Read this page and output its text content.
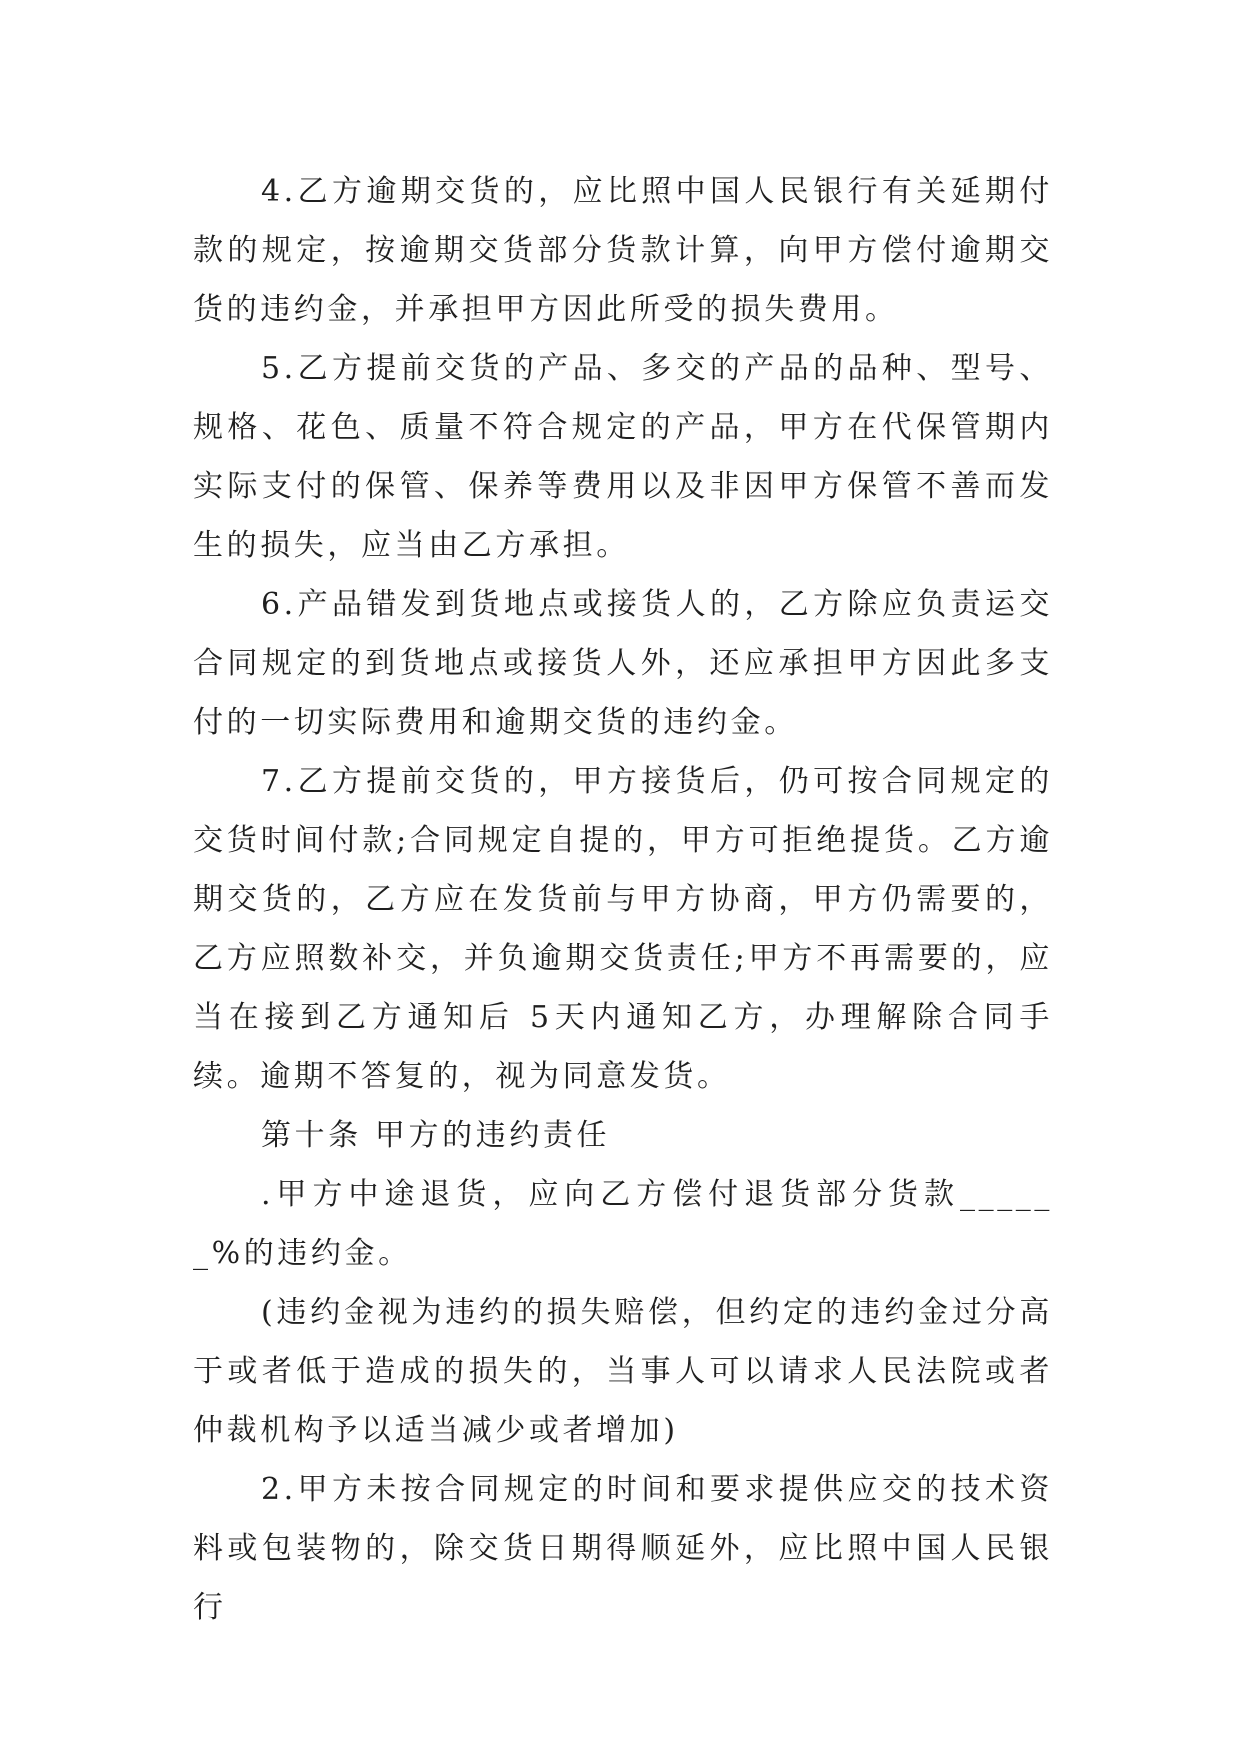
4.乙方逾期交货的，应比照中国人民银行有关延期付款的规定，按逾期交货部分货款计算，向甲方偿付逾期交货的违约金，并承担甲方因此所受的损失费用。

5.乙方提前交货的产品、多交的产品的品种、型号、规格、花色、质量不符合规定的产品，甲方在代保管期内实际支付的保管、保养等费用以及非因甲方保管不善而发生的损失，应当由乙方承担。

6.产品错发到货地点或接货人的，乙方除应负责运交合同规定的到货地点或接货人外，还应承担甲方因此多支付的一切实际费用和逾期交货的违约金。

7.乙方提前交货的，甲方接货后，仍可按合同规定的交货时间付款;合同规定自提的，甲方可拒绝提货。乙方逾期交货的，乙方应在发货前与甲方协商，甲方仍需要的，乙方应照数补交，并负逾期交货责任;甲方不再需要的，应当在接到乙方通知后 5天内通知乙方，办理解除合同手续。逾期不答复的，视为同意发货。

第十条 甲方的违约责任

.甲方中途退货，应向乙方偿付退货部分货款______%的违约金。

(违约金视为违约的损失赔偿，但约定的违约金过分高于或者低于造成的损失的，当事人可以请求人民法院或者仲裁机构予以适当减少或者增加)

2.甲方未按合同规定的时间和要求提供应交的技术资料或包装物的，除交货日期得顺延外，应比照中国人民银行
